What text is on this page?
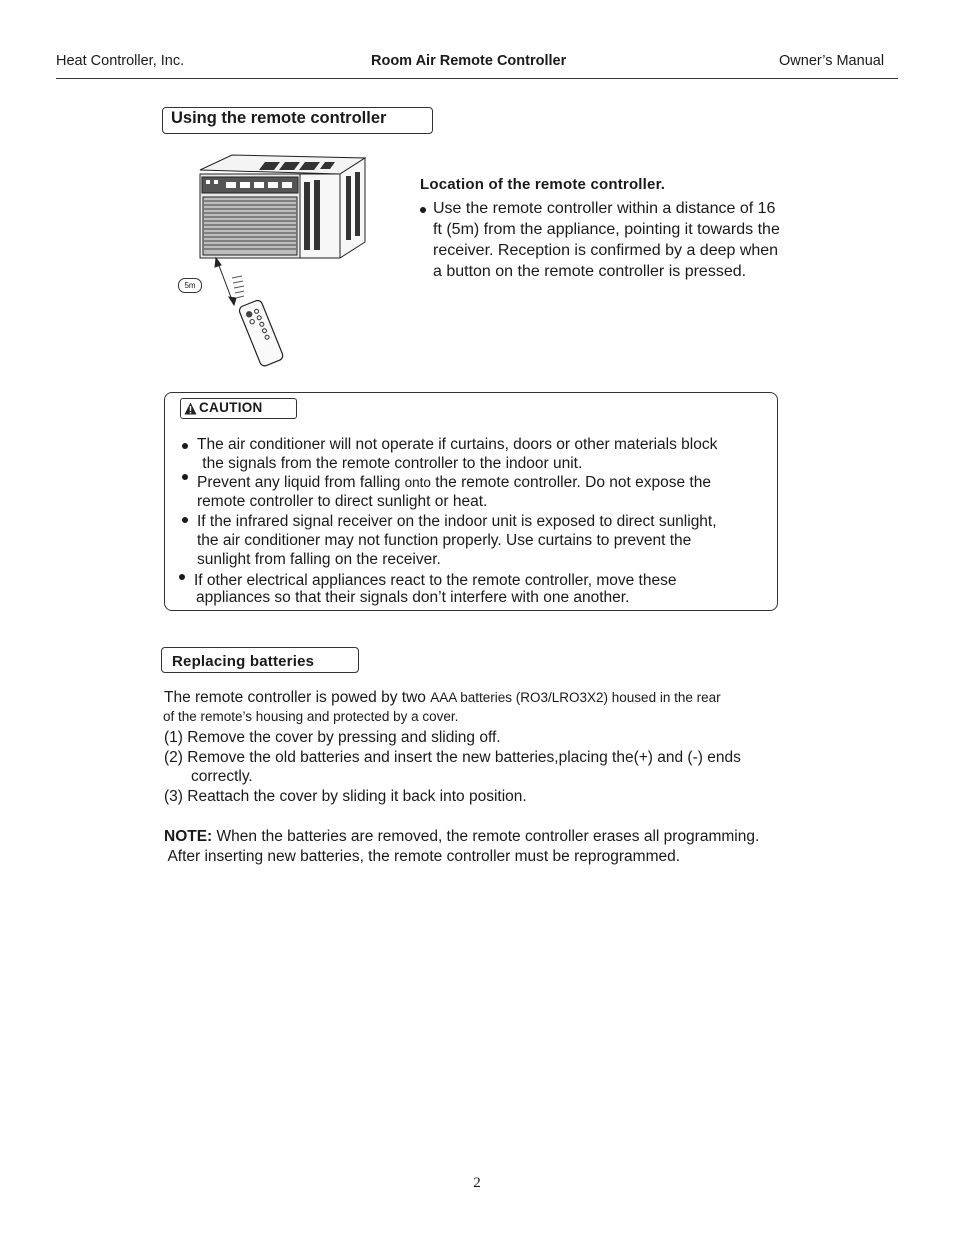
Heat Controller, Inc.	Room Air Remote Controller	Owner’s Manual
Using the remote controller
5m
Location of the remote controller.
Use the remote controller within a distance of 16
ft (5m) from the appliance, pointing it towards the
receiver. Reception is confirmed by a deep when
a button on the remote controller is pressed.
CAUTION
The air conditioner will not operate if curtains, doors or other materials block
the signals from the remote controller to the indoor unit.
Prevent any liquid from falling onto the remote controller. Do not expose the
remote controller to direct sunlight or heat.
If the infrared signal receiver on the indoor unit is exposed to direct sunlight,
the air conditioner may not function properly. Use curtains to prevent the
sunlight from falling on the receiver.
If other electrical appliances react to the remote controller, move these
appliances so that their signals don’t interfere with one another.
Replacing batteries
The remote controller is powed by two AAA batteries (RO3/LRO3X2) housed in the rear
of the remote’s housing and protected by a cover.
(1) Remove the cover by pressing and sliding off.
(2) Remove the old batteries and insert the new batteries,placing the(+) and (-) ends
correctly.
(3) Reattach the cover by sliding it back into position.
NOTE: When the batteries are removed, the remote controller erases all programming.
After inserting new batteries, the remote controller must be reprogrammed.
2
